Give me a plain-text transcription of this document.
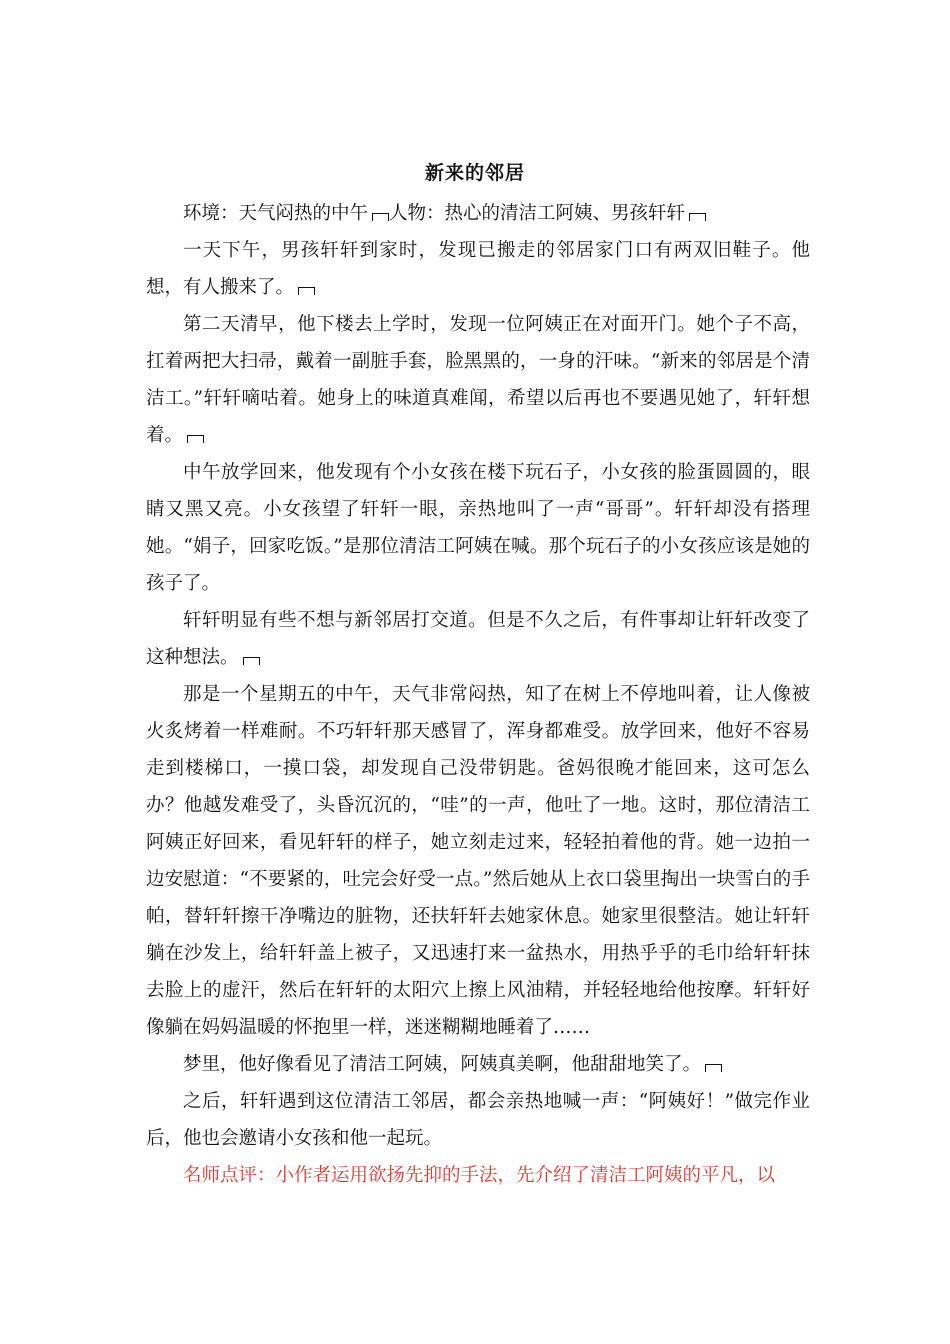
新来的邻居

环境：天气闷热的中午 人物：热心的清洁工阿姨、男孩轩轩

一天下午，男孩轩轩到家时，发现已搬走的邻居家门口有两双旧鞋子。他想，有人搬来了。

第二天清早，他下楼去上学时，发现一位阿姨正在对面开门。她个子不高，扛着两把大扫帚，戴着一副脏手套，脸黑黑的，一身的汗味。“新来的邻居是个清洁工。”轩轩嘀咕着。她身上的味道真难闻，希望以后再也不要遇见她了，轩轩想着。

中午放学回来，他发现有个小女孩在楼下玩石子，小女孩的脸蛋圆圆的，眼睛又黑又亮。小女孩望了轩轩一眼，亲热地叫了一声“哥哥”。轩轩却没有搭理她。“娟子，回家吃饭。”是那位清洁工阿姨在喊。那个玩石子的小女孩应该是她的孩子了。

轩轩明显有些不想与新邻居打交道。但是不久之后，有件事却让轩轩改变了这种想法。

那是一个星期五的中午，天气非常闷热，知了在树上不停地叫着，让人像被火炙烤着一样难耐。不巧轩轩那天感冒了，浑身都难受。放学回来，他好不容易走到楼梯口，一摸口袋，却发现自己没带钥匙。爸妈很晚才能回来，这可怎么办？他越发难受了，头昏沉沉的，“哇”的一声，他吐了一地。这时，那位清洁工阿姨正好回来，看见轩轩的样子，她立刻走过来，轻轻拍着他的背。她一边拍一边安慰道：“不要紧的，吐完会好受一点。”然后她从上衣口袋里掏出一块雪白的手帕，替轩轩擦干净嘴边的脏物，还扶轩轩去她家休息。她家里很整洁。她让轩轩躺在沙发上，给轩轩盖上被子，又迅速打来一盆热水，用热乎乎的毛巾给轩轩抹去脸上的虚汗，然后在轩轩的太阳穴上擦上风油精，并轻轻地给他按摩。轩轩好像躺在妈妈温暖的怀抱里一样，迷迷糊糊地睡着了……

梦里，他好像看见了清洁工阿姨，阿姨真美啊，他甜甜地笑了。

之后，轩轩遇到这位清洁工邻居，都会亲热地喊一声：“阿姨好！”做完作业后，他也会邀请小女孩和他一起玩。

名师点评：小作者运用欲扬先抑的手法，先介绍了清洁工阿姨的平凡，以
